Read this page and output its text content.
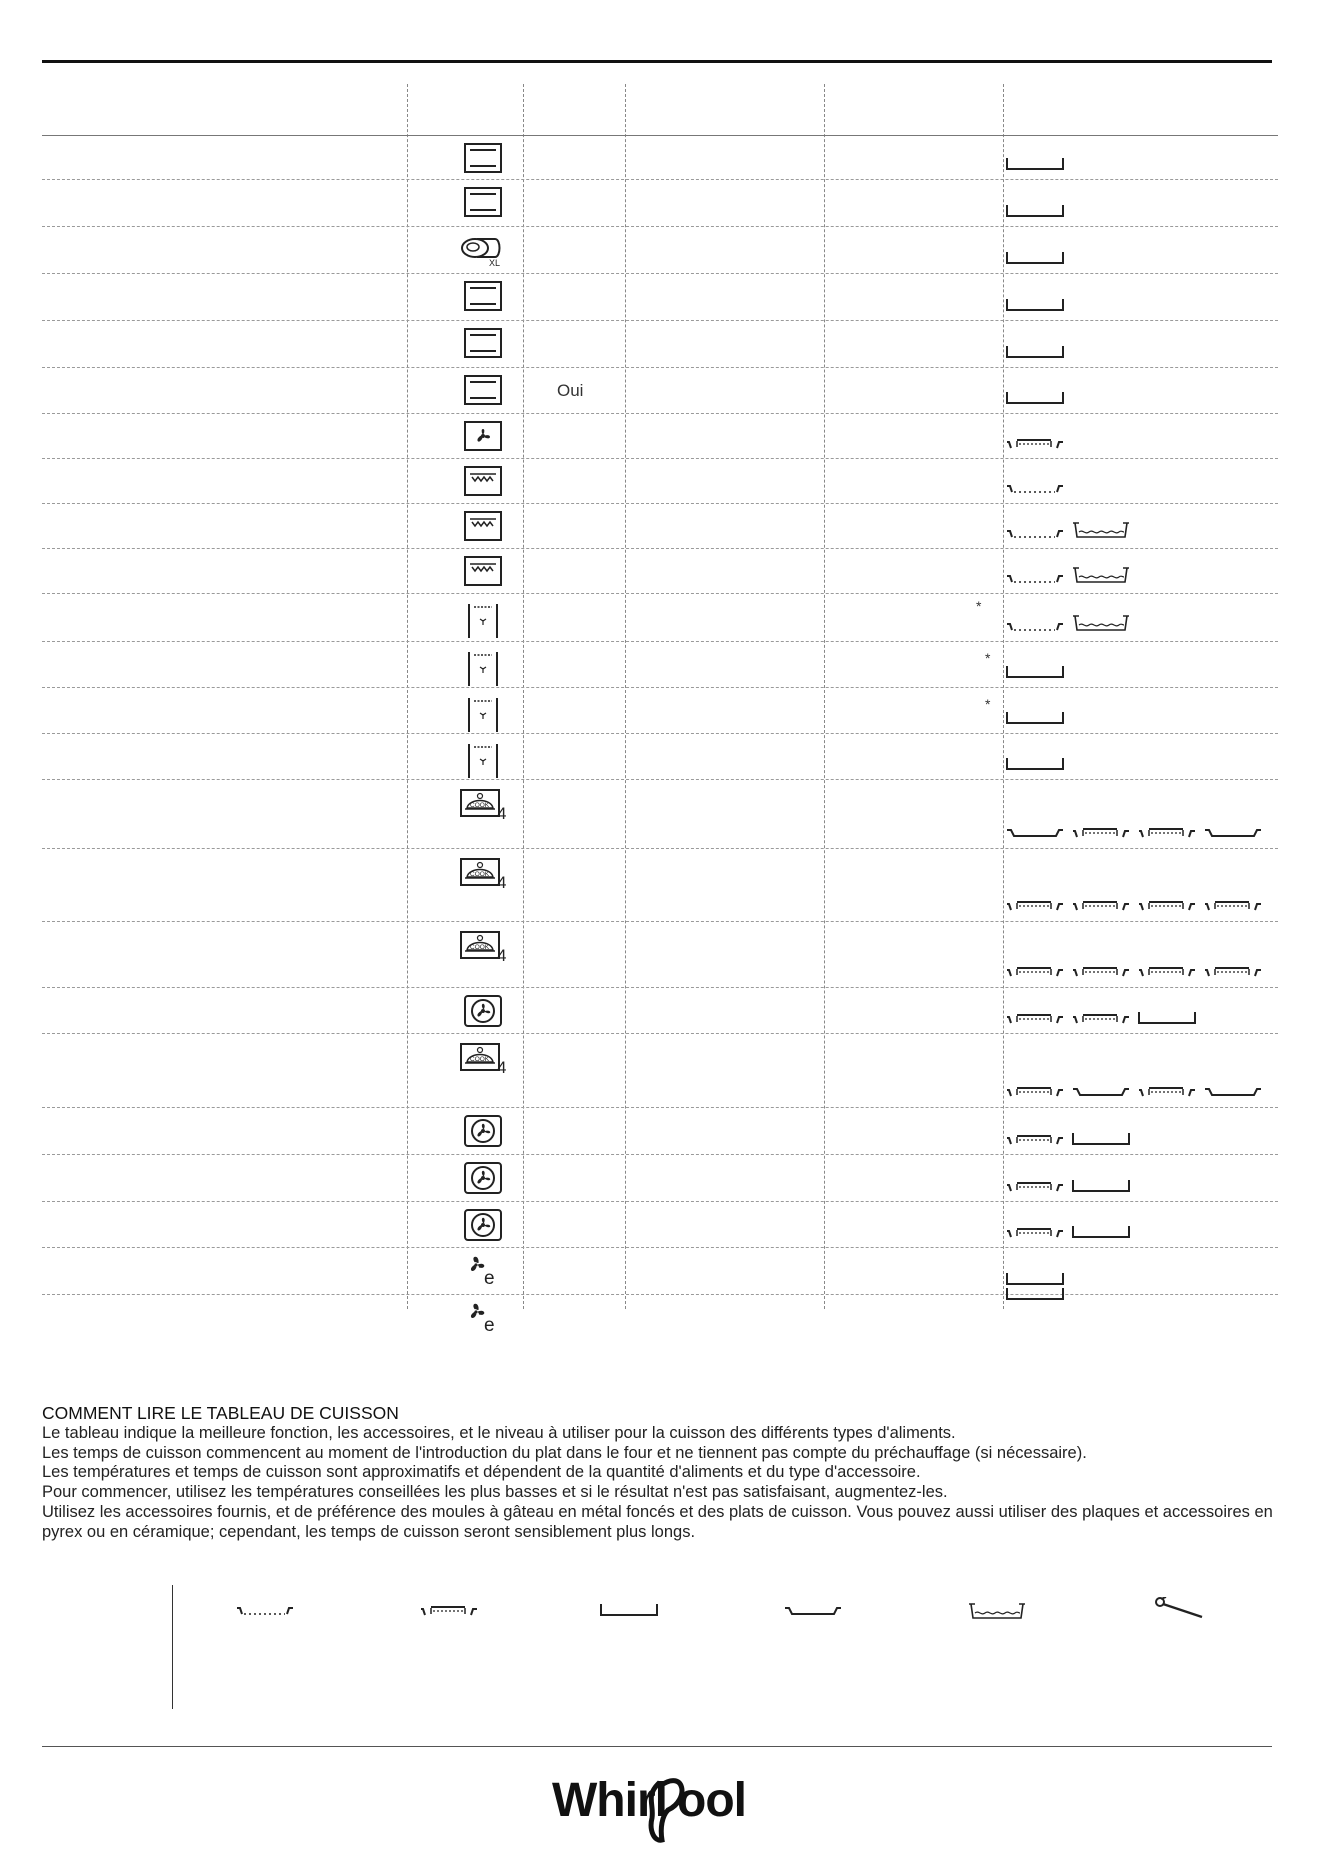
XL
Oui
*
*
*
COOK 4
COOK 4
COOK 4
COOK 4
e
e
COMMENT LIRE LE TABLEAU DE CUISSON

Le tableau indique la meilleure fonction, les accessoires, et le niveau à utiliser pour la cuisson des différents types d'aliments.

Les temps de cuisson commencent au moment de l'introduction du plat dans le four et ne tiennent pas compte du préchauffage (si nécessaire).

Les températures et temps de cuisson sont approximatifs et dépendent de la quantité d'aliments et du type d'accessoire.

Pour commencer, utilisez les températures conseillées les plus basses et si le résultat n'est pas satisfaisant, augmentez-les.

Utilisez les accessoires fournis, et de préférence des moules à gâteau en métal foncés et des plats de cuisson. Vous pouvez aussi utiliser des plaques et accessoires en pyrex ou en céramique; cependant, les temps de cuisson seront sensiblement plus longs.

Whirl ool
